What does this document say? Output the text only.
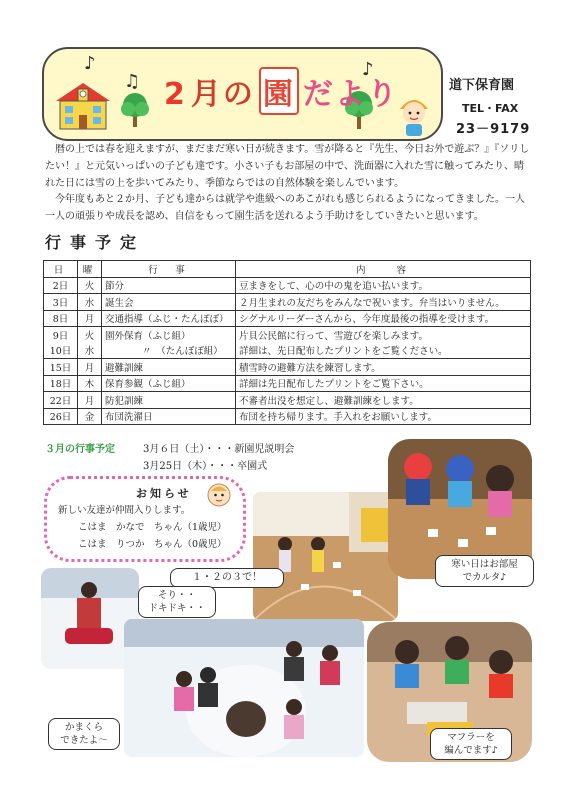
♪
♫
♪
2 月の 園 だより	道下保育園
TEL・FAX
23－9179

暦の上では春を迎えますが、まだまだ寒い日が続きます。雪が降ると『先生、今日お外で遊ぶ？』『ソリしたい！』と元気いっぱいの子ども達です。小さい子もお部屋の中で、洗面器に入れた雪に触ってみたり、晴れた日には雪の上を歩いてみたり、季節ならではの自然体験を楽しんでいます。

今年度もあと２か月、子ども達からは就学や進級へのあこがれも感じられるようになってきました。一人一人の頑張りや成長を認め、自信をもって園生活を送れるよう手助けをしていきたいと思います。

行事予定
日	曜	行　事	内　　容
2日	火	節分	豆まきをして、心の中の鬼を追い払います。
3日	水	誕生会	２月生まれの友だちをみんなで祝います。弁当はいりません。
8日	月	交通指導（ふじ・たんぽぽ）	シグナルリーダーさんから、今年度最後の指導を受けます。
9日	火	園外保育（ふじ組）	片貝公民館に行って、雪遊びを楽しみます。
10日	水	〃　（たんぽぽ組）	詳細は、先日配布したプリントをご覧ください。
15日	月	避難訓練	積雪時の避難方法を練習します。
18日	木	保育参観（ふじ組）	詳細は先日配布したプリントをご覧下さい。
22日	月	防犯訓練	不審者出没を想定し、避難訓練をします。
26日	金	布団洗濯日	布団を持ち帰ります。手入れをお願いします。
３月の行事予定	3月６日（土）・・・新園児説明会
3月25日（木）・・・卒園式
お知らせ
新しい友達が仲間入りします。
こはま　かなで　ちゃん（1歳児）
こはま　りつか　ちゃん（0歳児）
１・２の３で！
寒い日はお部屋
でカルタ♪
そり・・
ドキドキ・・
かまくら
できたよ～	マフラーを
編んでます♪
